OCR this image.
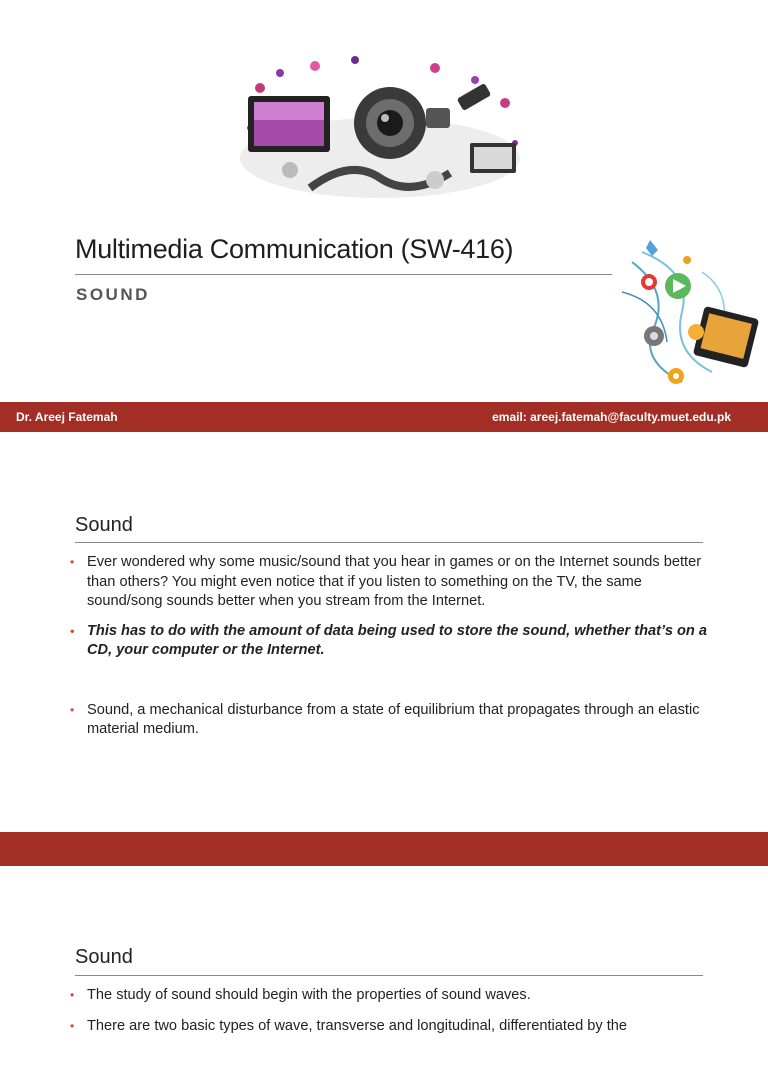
Multimedia Communication (SW-416)
SOUND
Dr. Areej Fatemah	email: areej.fatemah@faculty.muet.edu.pk
Sound
• Ever wondered why some music/sound that you hear in games or on the Internet sounds better than others? You might even notice that if you listen to something on the TV, the same sound/song sounds better when you stream from the Internet.
• This has to do with the amount of data being used to store the sound, whether that’s on a CD, your computer or the Internet.
• Sound, a mechanical disturbance from a state of equilibrium that propagates through an elastic material medium.
Sound
• The study of sound should begin with the properties of sound waves.
• There are two basic types of wave, transverse and longitudinal, differentiated by the
